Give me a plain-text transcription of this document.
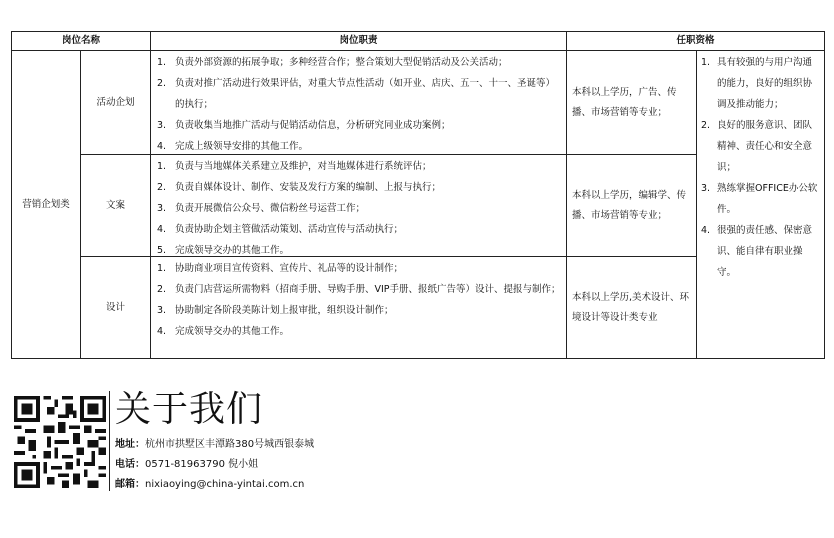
岗位名称	岗位职责	任职资格
营销企划类
活动企划
1. 负责外部资源的拓展争取；多种经营合作；整合策划大型促销活动及公关活动；
2. 负责对推广活动进行效果评估，对重大节点性活动（如开业、店庆、五一、十一、圣诞等）的执行；
3. 负责收集当地推广活动与促销活动信息，分析研究同业成功案例；
4. 完成上级领导安排的其他工作。
本科以上学历，广告、传播、市场营销等专业；
文案
1. 负责与当地媒体关系建立及维护，对当地媒体进行系统评估；
2. 负责自媒体设计、制作、安装及发行方案的编制、上报与执行；
3. 负责开展微信公众号、微信粉丝号运营工作；
4. 负责协助企划主管做活动策划、活动宣传与活动执行；
5. 完成领导交办的其他工作。
本科以上学历，编辑学、传播、市场营销等专业；
设计
1. 协助商业项目宣传资料、宣传片、礼品等的设计制作；
2. 负责门店营运所需物料（招商手册、导购手册、VIP手册、报纸广告等）设计、提报与制作；
3. 协助制定各阶段美陈计划上报审批，组织设计制作；
4. 完成领导交办的其他工作。
本科以上学历,美术设计、环境设计等设计类专业
1. 具有较强的与用户沟通的能力，良好的组织协调及推动能力；
2. 良好的服务意识、团队精神、责任心和安全意识；
3. 熟练掌握OFFICE办公软件。
4. 很强的责任感、保密意识、能自律有职业操守。
关于我们
地址：杭州市拱墅区丰潭路380号城西银泰城
电话：0571-81963790 倪小姐
邮箱：nixiaoying@china-yintai.com.cn
